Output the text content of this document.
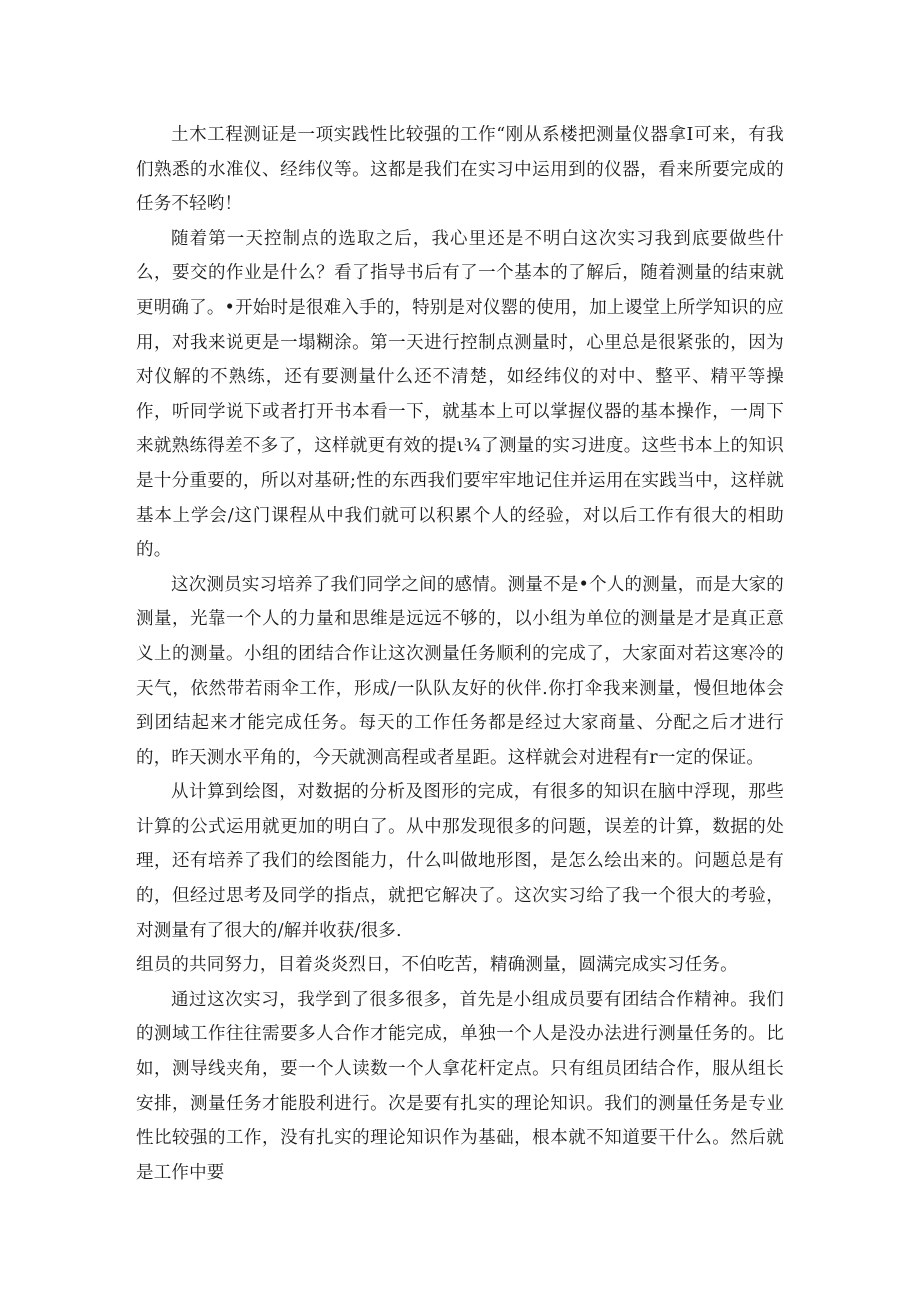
土木工程测证是一项实践性比较强的工作“刚从系楼把测量仪器拿I可来，有我们熟悉的水准仪、经纬仪等。这都是我们在实习中运用到的仪器，看来所要完成的任务不轻哟！

随着第一天控制点的选取之后，我心里还是不明白这次实习我到底要做些什么，要交的作业是什么？看了指导书后有了一个基本的了解后，随着测量的结束就更明确了。•开始时是很难入手的，特别是对仪罂的使用，加上谡堂上所学知识的应用，对我来说更是一塌糊涂。第一天进行控制点测量时，心里总是很紧张的，因为对仪解的不熟练，还有要测量什么还不清楚，如经纬仪的对中、整平、精平等操作，听同学说下或者打开书本看一下，就基本上可以掌握仪器的基本操作，一周下来就熟练得差不多了，这样就更有效的提ι¾了测量的实习进度。这些书本上的知识是十分重要的，所以对基研;性的东西我们要牢牢地记住并运用在实践当中，这样就基本上学会/这门课程从中我们就可以积累个人的经验，对以后工作有很大的相助的。

这次测员实习培养了我们同学之间的感情。测量不是•个人的测量，而是大家的测量，光靠一个人的力量和思维是远远不够的，以小组为单位的测量是才是真正意义上的测量。小组的团结合作让这次测量任务顺利的完成了，大家面对若这寒冷的天气，依然带若雨伞工作，形成/一队队友好的伙伴.你打伞我来测量，慢但地体会到团结起来才能完成任务。每天的工作任务都是经过大家商量、分配之后才进行的，昨天测水平角的，今天就测高程或者星距。这样就会对进程有r一定的保证。

从计算到绘图，对数据的分析及图形的完成，有很多的知识在脑中浮现，那些计算的公式运用就更加的明白了。从中那发现很多的问题，误差的计算，数据的处理，还有培养了我们的绘图能力，什么叫做地形图，是怎么绘出来的。问题总是有的，但经过思考及同学的指点，就把它解决了。这次实习给了我一个很大的考验，对测量有了很大的/解并收获/很多.

组员的共同努力，目着炎炎烈日，不伯吃苦，精确测量，圆满完成实习任务。

通过这次实习，我学到了很多很多，首先是小组成员要有团结合作精神。我们的测域工作往往需要多人合作才能完成，单独一个人是没办法进行测量任务的。比如，测导线夹角，要一个人读数一个人拿花杆定点。只有组员团结合作，服从组长安排，测量任务才能股利进行。次是要有扎实的理论知识。我们的测量任务是专业性比较强的工作，没有扎实的理论知识作为基础，根本就不知道要干什么。然后就是工作中要
